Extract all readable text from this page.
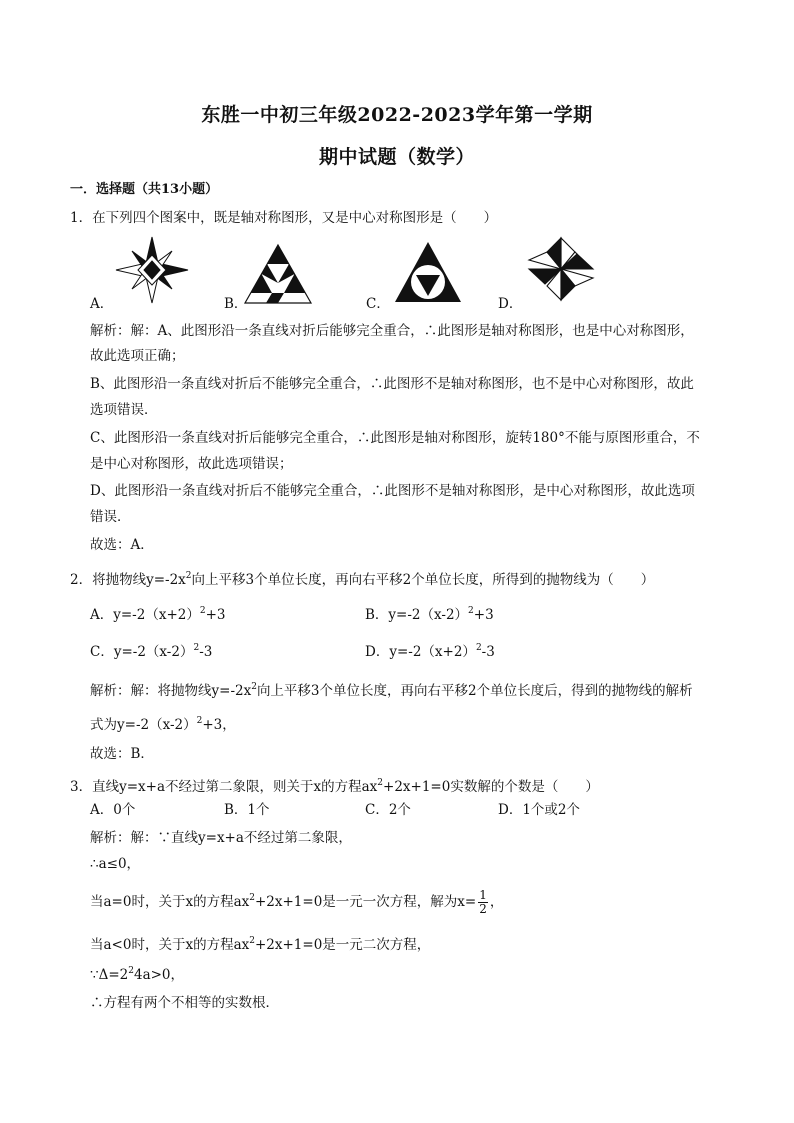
东胜一中初三年级2022-2023学年第一学期
期中试题（数学）
一．选择题（共13小题）
1．在下列四个图案中，既是轴对称图形，又是中心对称图形是（　　）
A．	B．	C．	D．
解析：解：A、此图形沿一条直线对折后能够完全重合，∴此图形是轴对称图形，也是中心对称图形，
故此选项正确；
B、此图形沿一条直线对折后不能够完全重合，∴此图形不是轴对称图形，也不是中心对称图形，故此
选项错误．
C、此图形沿一条直线对折后能够完全重合，∴此图形是轴对称图形，旋转180°不能与原图形重合，不
是中心对称图形，故此选项错误；
D、此图形沿一条直线对折后不能够完全重合，∴此图形不是轴对称图形，是中心对称图形，故此选项
错误．
故选：A．
2．将抛物线$y=-2x^2$向上平移3个单位长度，再向右平移2个单位长度，所得到的抛物线为（　　）
A．$y=-2(x+2)^2+3$	B．$y=-2(x-2)^2+3$
C．$y=-2(x-2)^2-3$	D．$y=-2(x+2)^2-3$
解析：解：将抛物线$y=-2x^2$向上平移3个单位长度，再向右平移2个单位长度后，得到的抛物线的解析
式为$y=-2(x-2)^2+3$，
故选：B．
3．直线y=x+a不经过第二象限，则关于x的方程$ax^2+2x+1=0$实数解的个数是（　　）
A．0个	B．1个	C．2个	D．1个或2个
解析：解：∵直线y=x+a不经过第二象限，
∴a≤0，
当a=0时，关于x的方程$ax^2+2x+1=0$是一元一次方程，解为$x= \frac{1}{2}$ ，
当a<0时，关于x的方程$ax^2+2x+1=0$是一元二次方程，
$\because\Delta=2^24a>0$，
∴方程有两个不相等的实数根．
